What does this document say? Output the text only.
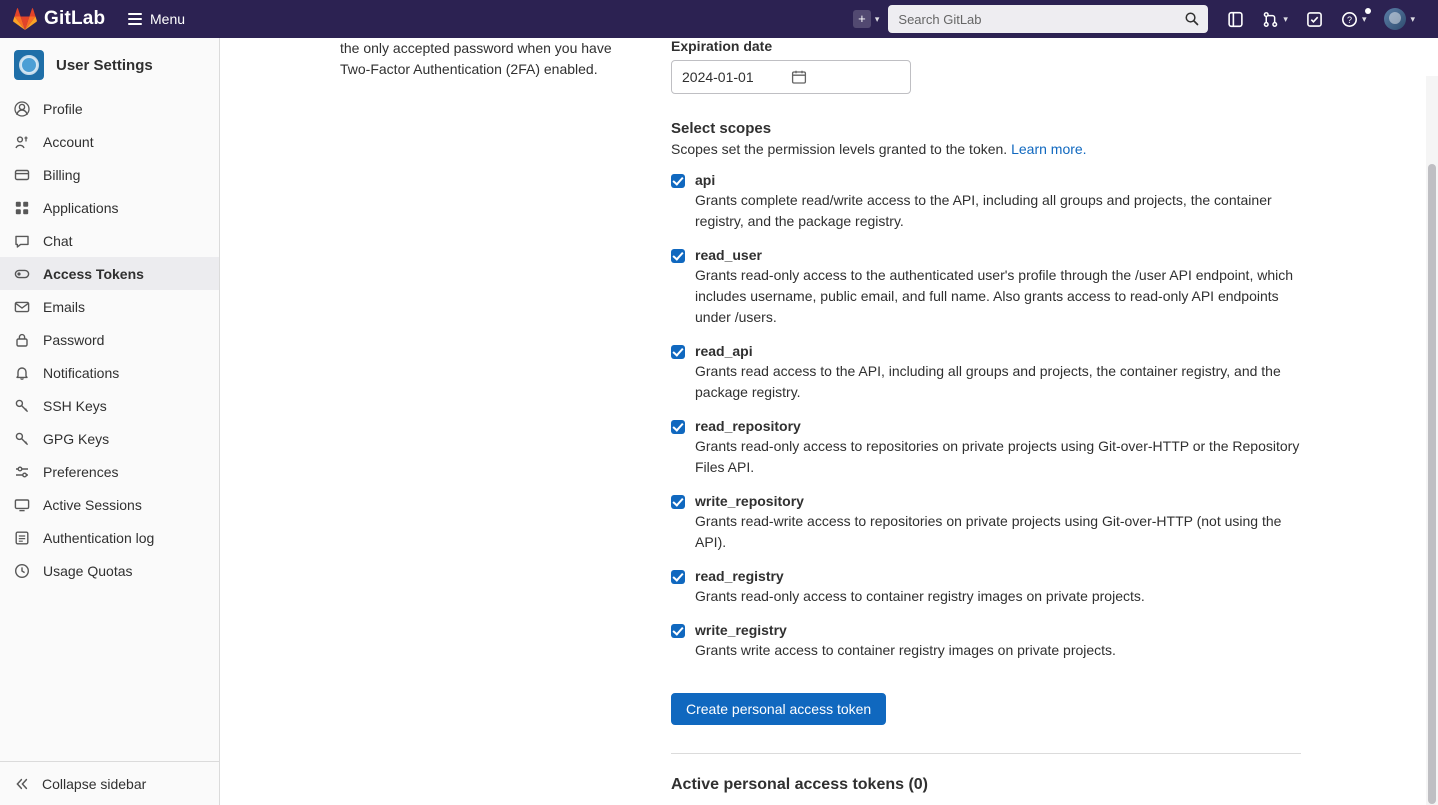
GitLab	Menu	+	▾
Search GitLab	▾	? ▾	▾
User Settings
Profile
Account
Billing
Applications
Chat
Access Tokens
Emails
Password
Notifications
SSH Keys
GPG Keys
Preferences
Active Sessions
Authentication log
Usage Quotas
Collapse sidebar
the only accepted password when you have Two-Factor Authentication (2FA) enabled.
Expiration date
2024-01-01
Select scopes
Scopes set the permission levels granted to the token. Learn more.
api
Grants complete read/write access to the API, including all groups and projects, the container registry, and the package registry.
read_user
Grants read-only access to the authenticated user's profile through the /user API endpoint, which includes username, public email, and full name. Also grants access to read-only API endpoints under /users.
read_api
Grants read access to the API, including all groups and projects, the container registry, and the package registry.
read_repository
Grants read-only access to repositories on private projects using Git-over-HTTP or the Repository Files API.
write_repository
Grants read-write access to repositories on private projects using Git-over-HTTP (not using the API).
read_registry
Grants read-only access to container registry images on private projects.
write_registry
Grants write access to container registry images on private projects.
Create personal access token
Active personal access tokens (0)
